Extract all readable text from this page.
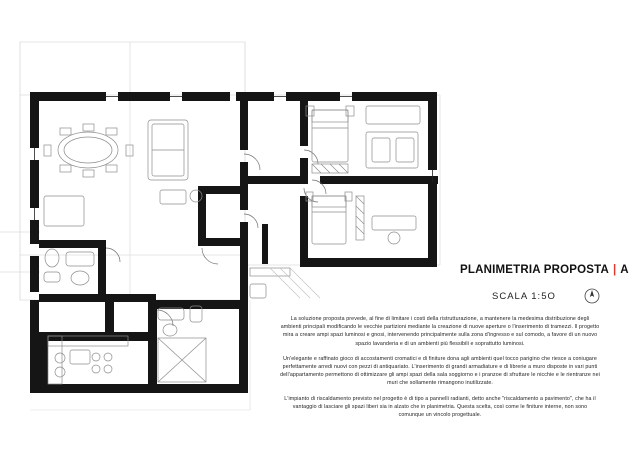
PLANIMETRIA PROPOSTA | A
SCALA 1:5O

La soluzione proposta prevede, al fine di limitare i costi della ristrutturazione, a mantenere la medesima distribuzione degli ambienti principali modificando le vecchie partizioni mediante la creazione di nuove aperture o l'inserimento di tramezzi. Il progetto mira a creare ampi spazi luminosi e gnosi, intervenendo principalmente sulla zona d'ingresso e sul comodo, a favore di un nuovo spazio lavanderia e di un ambienti più flessibili e soprattutto luminosi.

Un'elegante e raffinato gioco di accostamenti cromatici e di finiture dona agli ambienti quel tocco parigino che riesce a coniugare perfettamente arredi nuovi con pezzi di antiquariato. L'inserimento di grandi armadiature e di librerie a muro disposte in vari punti dell'appartamento permettono di ottimizzare gli ampi spazi della sala soggiorno e i pranzoe di sfruttare le nicchie e le rientranze nei muri che sollamente rimangono inutilizzate.

L'impianto di riscaldamento previsto nel progetto è di tipo a pannelli radianti, detto anche "riscaldamento a pavimento", che ha il vantaggio di lasciare gli spazi liberi sia in alzato che in planimetria. Questa scelta, così come le finiture interne, non sono comunque un vincolo progettuale.
